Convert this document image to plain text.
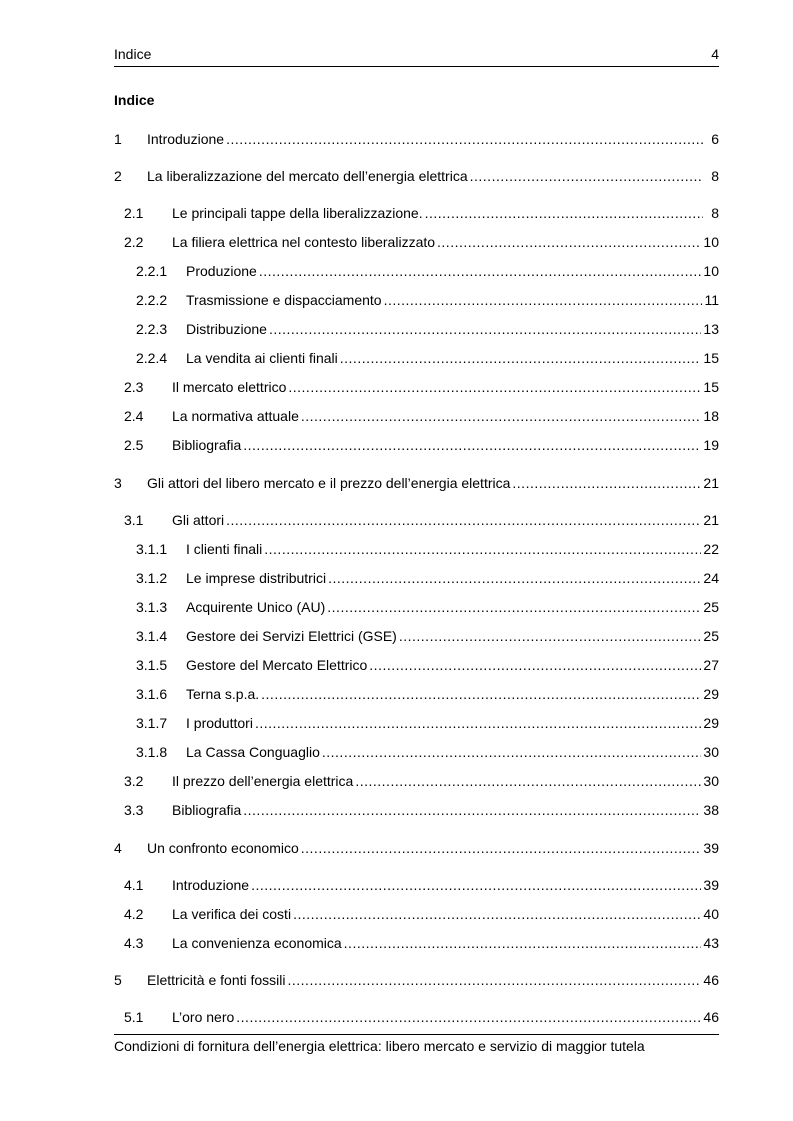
Indice	4
Indice
1	Introduzione .....	6
2	La liberalizzazione del mercato dell’energia elettrica .....	8
2.1	Le principali tappe della liberalizzazione. .....	8
2.2	La filiera elettrica nel contesto liberalizzato .....	10
2.2.1	Produzione .....	10
2.2.2	Trasmissione e dispacciamento .....	11
2.2.3	Distribuzione .....	13
2.2.4	La vendita ai clienti finali .....	15
2.3	Il mercato elettrico .....	15
2.4	La normativa attuale .....	18
2.5	Bibliografia .....	19
3	Gli attori del libero mercato e il prezzo dell’energia elettrica .....	21
3.1	Gli attori .....	21
3.1.1	I clienti finali .....	22
3.1.2	Le imprese distributrici .....	24
3.1.3	Acquirente Unico (AU) .....	25
3.1.4	Gestore dei Servizi Elettrici (GSE) .....	25
3.1.5	Gestore del Mercato Elettrico .....	27
3.1.6	Terna s.p.a. .....	29
3.1.7	I produttori .....	29
3.1.8	La Cassa Conguaglio .....	30
3.2	Il prezzo dell’energia elettrica .....	30
3.3	Bibliografia .....	38
4	Un confronto economico .....	39
4.1	Introduzione .....	39
4.2	La verifica dei costi .....	40
4.3	La convenienza economica .....	43
5	Elettricità e fonti fossili .....	46
5.1	L’oro nero .....	46
Condizioni di fornitura dell’energia elettrica: libero mercato e servizio di maggior tutela
